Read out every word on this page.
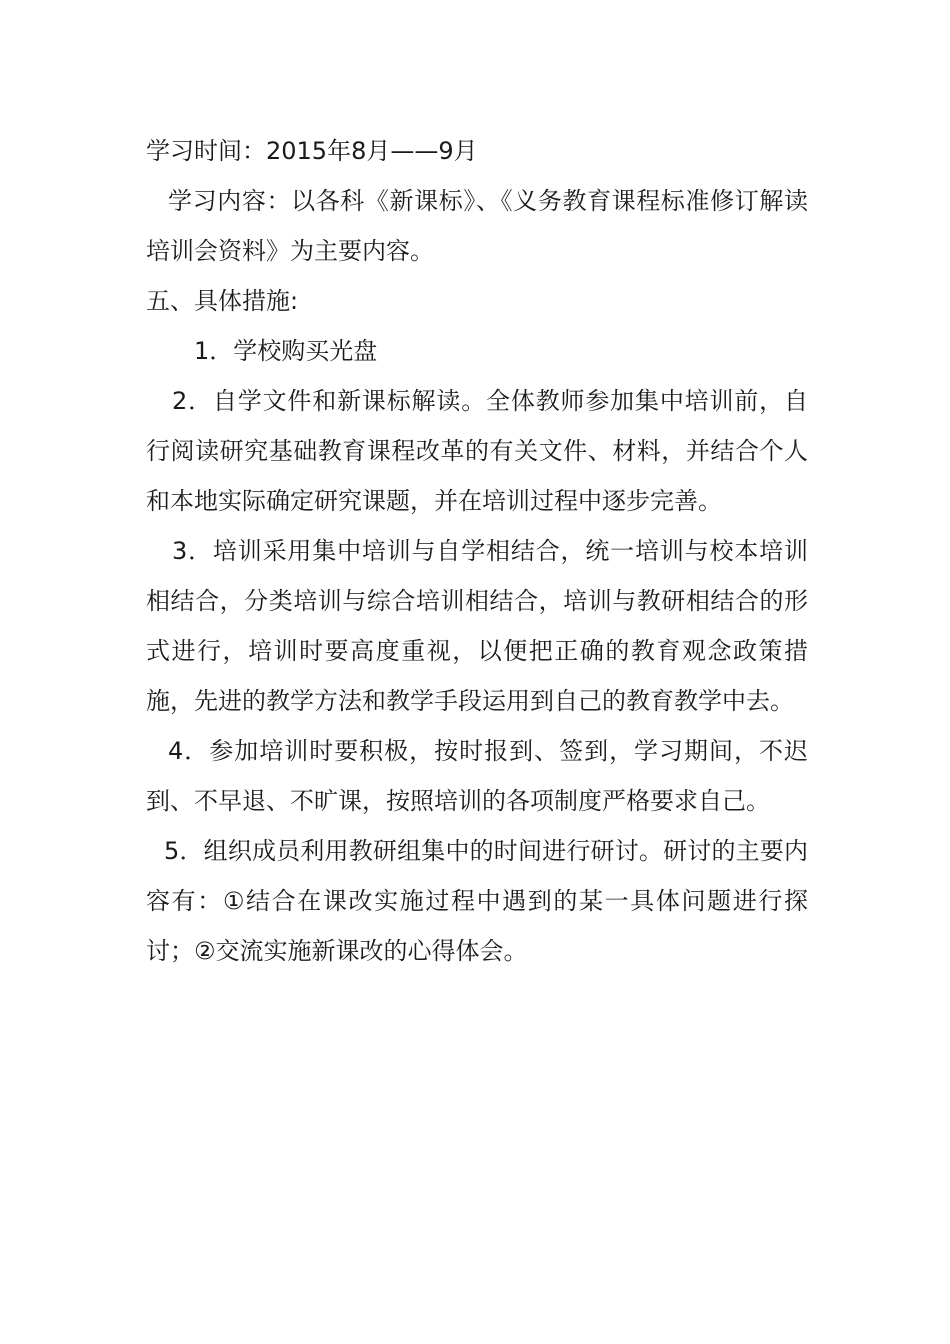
学习时间：2015年8月——9月

学习内容：以各科《新课标》、《义务教育课程标准修订解读培训会资料》为主要内容。

五、具体措施:

1．学校购买光盘

2．自学文件和新课标解读。全体教师参加集中培训前，自行阅读研究基础教育课程改革的有关文件、材料，并结合个人和本地实际确定研究课题，并在培训过程中逐步完善。

3．培训采用集中培训与自学相结合，统一培训与校本培训相结合，分类培训与综合培训相结合，培训与教研相结合的形式进行，培训时要高度重视，以便把正确的教育观念政策措施，先进的教学方法和教学手段运用到自己的教育教学中去。

4．参加培训时要积极，按时报到、签到，学习期间，不迟到、不早退、不旷课，按照培训的各项制度严格要求自己。

5．组织成员利用教研组集中的时间进行研讨。研讨的主要内容有：①结合在课改实施过程中遇到的某一具体问题进行探讨；②交流实施新课改的心得体会。
